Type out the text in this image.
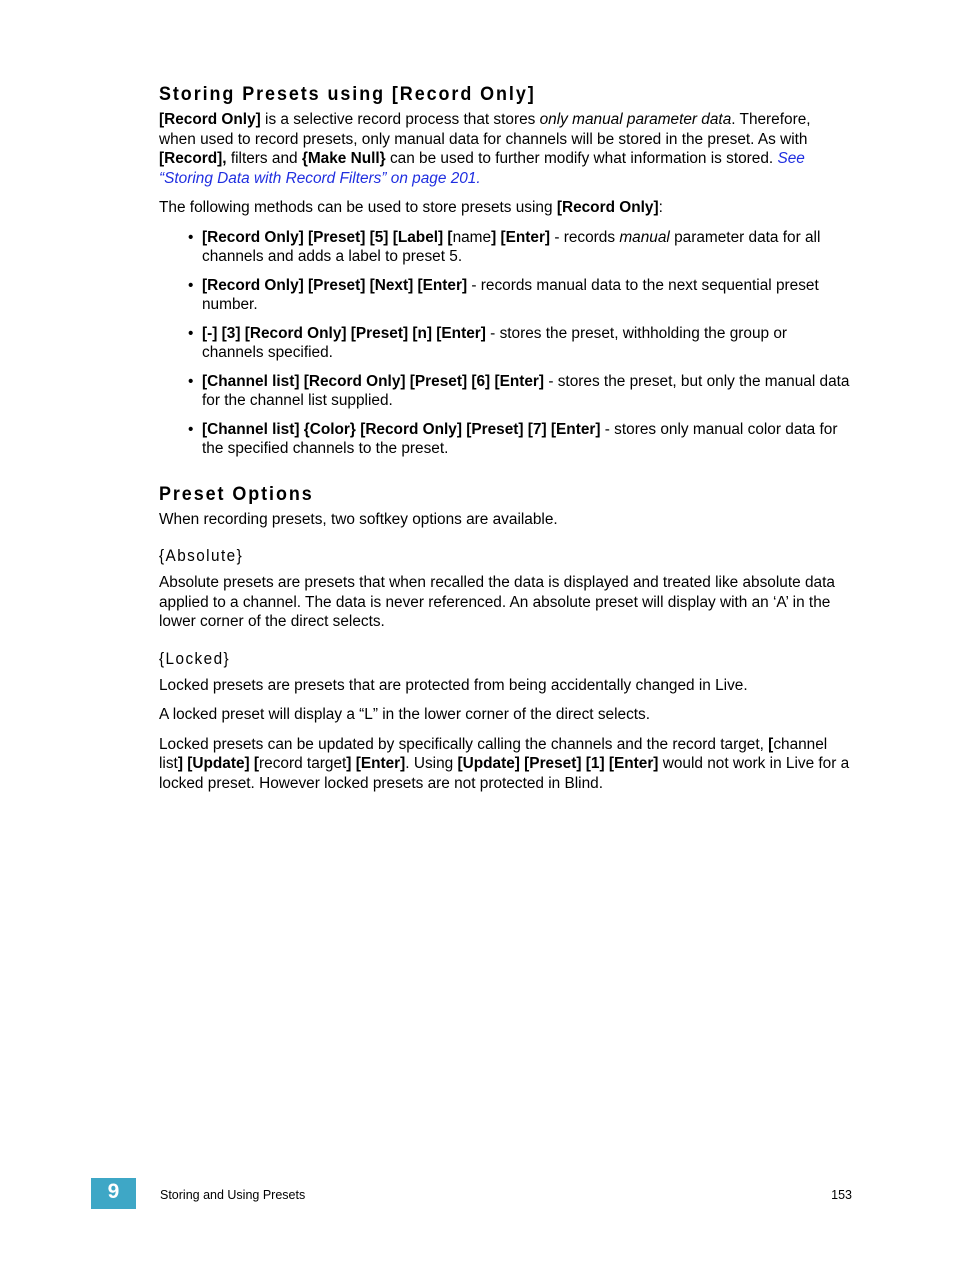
Storing Presets using [Record Only]

[Record Only] is a selective record process that stores only manual parameter data. Therefore, when used to record presets, only manual data for channels will be stored in the preset. As with [Record], filters and {Make Null} can be used to further modify what information is stored. See “Storing Data with Record Filters” on page 201.

The following methods can be used to store presets using [Record Only]:

• [Record Only] [Preset] [5] [Label] [name] [Enter] - records manual parameter data for all channels and adds a label to preset 5.
• [Record Only] [Preset] [Next] [Enter] - records manual data to the next sequential preset number.
• [-] [3] [Record Only] [Preset] [n] [Enter] - stores the preset, withholding the group or channels specified.
• [Channel list] [Record Only] [Preset] [6] [Enter] - stores the preset, but only the manual data for the channel list supplied.
• [Channel list] {Color} [Record Only] [Preset] [7] [Enter] - stores only manual color data for the specified channels to the preset.
Preset Options

When recording presets, two softkey options are available.

{Absolute}

Absolute presets are presets that when recalled the data is displayed and treated like absolute data applied to a channel. The data is never referenced. An absolute preset will display with an ‘A’ in the lower corner of the direct selects.

{Locked}

Locked presets are presets that are protected from being accidentally changed in Live.

A locked preset will display a “L” in the lower corner of the direct selects.

Locked presets can be updated by specifically calling the channels and the record target, [channel list] [Update] [record target] [Enter]. Using [Update] [Preset] [1] [Enter] would not work in Live for a locked preset. However locked presets are not protected in Blind.

9	Storing and Using Presets	153
